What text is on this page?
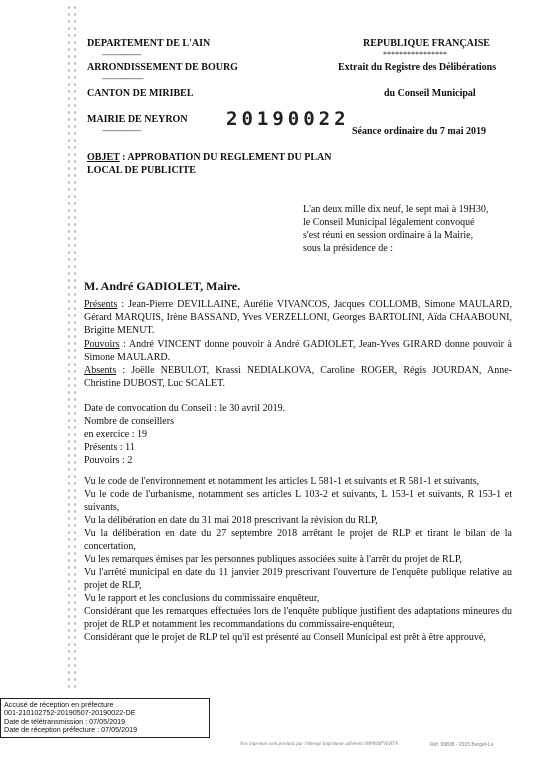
DEPARTEMENT DE L'AIN
------------------
ARRONDISSEMENT DE BOURG
-------------------
CANTON DE MIRIBEL
MAIRIE DE NEYRON
------------------
20190022
REPUBLIQUE FRANÇAISE
****************
Extrait du Registre des Délibérations
du Conseil Municipal
Séance ordinaire du 7 mai 2019
OBJET : APPROBATION DU REGLEMENT DU PLAN
LOCAL DE PUBLICITE
L'an deux mille dix neuf, le sept mai à 19H30,
le Conseil Municipal légalement convoqué
s'est réuni en session ordinaire à la Mairie,
sous la présidence de :
M. André GADIOLET, Maire.
Présents : Jean-Pierre DEVILLAINE, Aurélie VIVANCOS, Jacques COLLOMB, Simone MAULARD, Gérard MARQUIS, Irène BASSAND, Yves VERZELLONI, Georges BARTOLINI, Aïda CHAABOUNI, Brigitte MENUT.
Pouvoirs : André VINCENT donne pouvoir à André GADIOLET, Jean-Yves GIRARD donne pouvoir à Simone MAULARD.
Absents : Joëlle NEBULOT, Krassi NEDIALKOVA, Caroline ROGER, Régis JOURDAN, Anne-Christine DUBOST, Luc SCALET.
Date de convocation du Conseil : le 30 avril 2019.
Nombre de conseillers
en exercice : 19
Présents : 11
Pouvoirs : 2

Vu le code de l'environnement et notamment les articles L 581-1 et suivants et R 581-1 et suivants,

Vu le code de l'urbanisme, notamment ses articles L 103-2 et suivants, L 153-1 et suivants, R 153-1 et suivants,

Vu la délibération en date du 31 mai 2018 prescrivant la révision du RLP,

Vu la délibération en date du 27 septembre 2018 arrêtant le projet de RLP et tirant le bilan de la concertation,

Vu les remarques émises par les personnes publiques associées suite à l'arrêt du projet de RLP,

Vu l'arrêté municipal en date du 11 janvier 2019 prescrivant l'ouverture de l'enquête publique relative au projet de RLP,

Vu le rapport et les conclusions du commissaire enquêteur,

Considérant que les remarques effectuées lors de l'enquête publique justifient des adaptations mineures du projet de RLP et notamment les recommandations du commissaire-enquêteur,

Considérant que le projet de RLP tel qu'il est présenté au Conseil Municipal est prêt à être approuvé,

Accusé de réception en préfecture
001-210102752-20190507-20190022-DE
Date de télétransmission : 07/05/2019
Date de réception préfecture : 07/05/2019
Nos imprimés sont produits par l'Abrégé Imprimeur adhérent IMPRIM'VERT®	Réf. 99838 - 2015 Berger-Le
